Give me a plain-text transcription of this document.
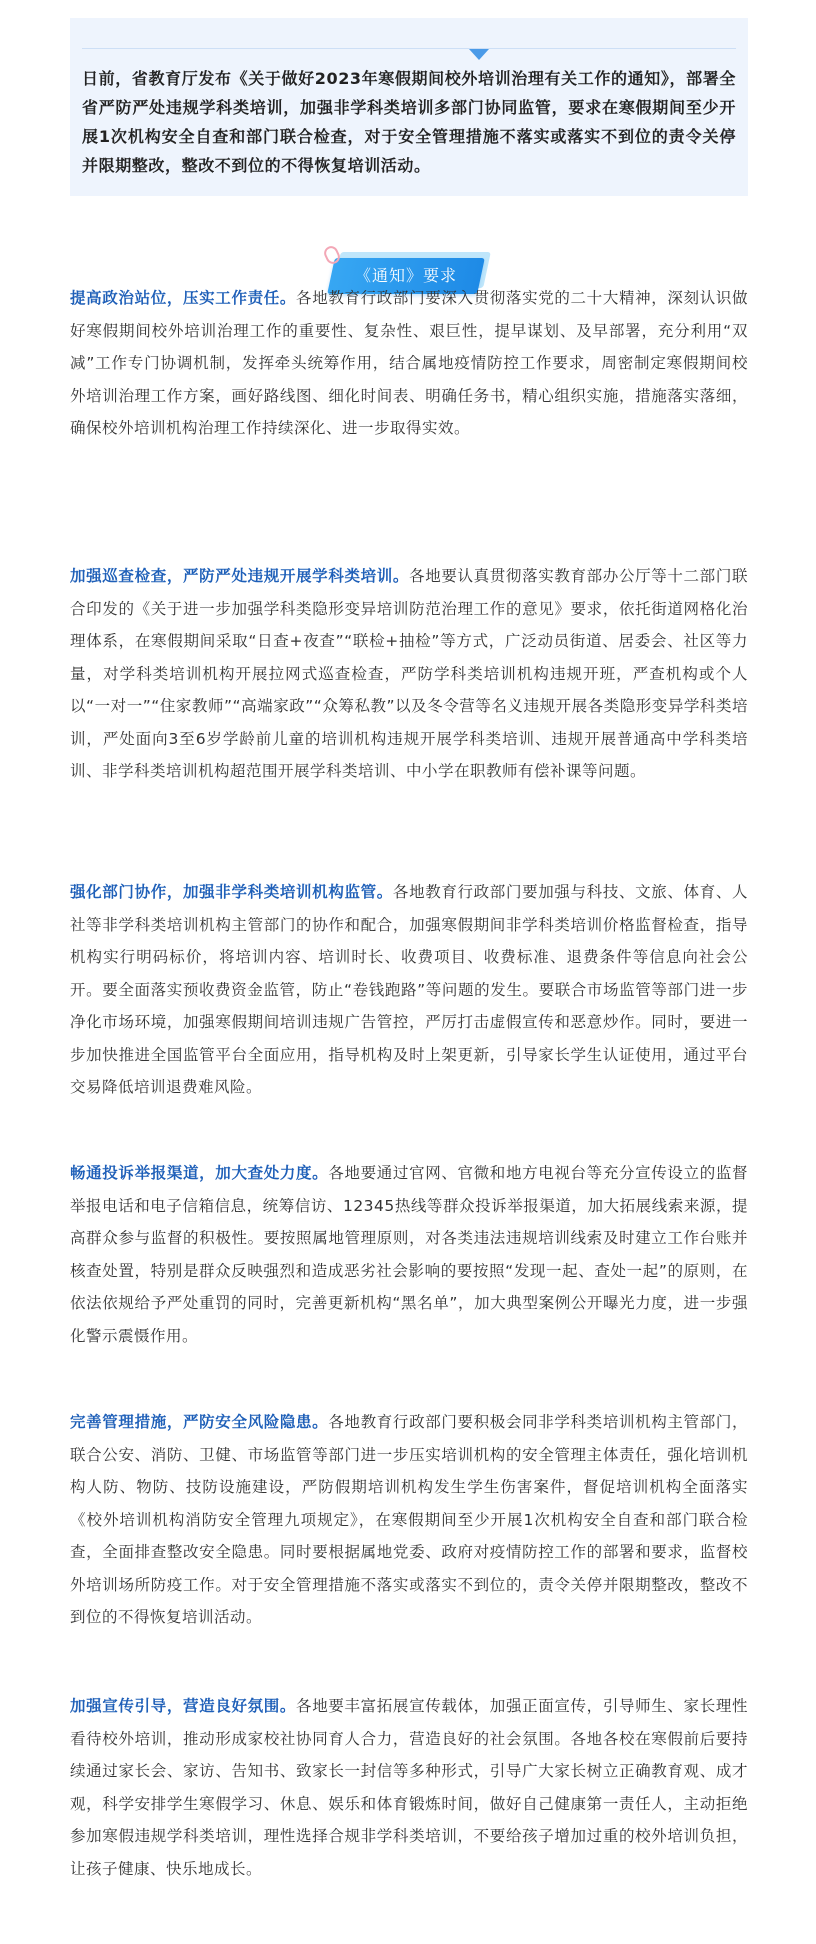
日前，省教育厅发布《关于做好2023年寒假期间校外培训治理有关工作的通知》，部署全省严防严处违规学科类培训，加强非学科类培训多部门协同监管，要求在寒假期间至少开展1次机构安全自查和部门联合检查，对于安全管理措施不落实或落实不到位的责令关停并限期整改，整改不到位的不得恢复培训活动。

《通知》要求

提高政治站位，压实工作责任。各地教育行政部门要深入贯彻落实党的二十大精神，深刻认识做好寒假期间校外培训治理工作的重要性、复杂性、艰巨性，提早谋划、及早部署，充分利用“双减”工作专门协调机制，发挥牵头统筹作用，结合属地疫情防控工作要求，周密制定寒假期间校外培训治理工作方案，画好路线图、细化时间表、明确任务书，精心组织实施，措施落实落细，确保校外培训机构治理工作持续深化、进一步取得实效。

加强巡查检查，严防严处违规开展学科类培训。各地要认真贯彻落实教育部办公厅等十二部门联合印发的《关于进一步加强学科类隐形变异培训防范治理工作的意见》要求，依托街道网格化治理体系，在寒假期间采取“日查+夜查”“联检+抽检”等方式，广泛动员街道、居委会、社区等力量，对学科类培训机构开展拉网式巡查检查，严防学科类培训机构违规开班，严查机构或个人以“一对一”“住家教师”“高端家政”“众筹私教”以及冬令营等名义违规开展各类隐形变异学科类培训，严处面向3至6岁学龄前儿童的培训机构违规开展学科类培训、违规开展普通高中学科类培训、非学科类培训机构超范围开展学科类培训、中小学在职教师有偿补课等问题。

强化部门协作，加强非学科类培训机构监管。各地教育行政部门要加强与科技、文旅、体育、人社等非学科类培训机构主管部门的协作和配合，加强寒假期间非学科类培训价格监督检查，指导机构实行明码标价，将培训内容、培训时长、收费项目、收费标准、退费条件等信息向社会公开。要全面落实预收费资金监管，防止“卷钱跑路”等问题的发生。要联合市场监管等部门进一步净化市场环境，加强寒假期间培训违规广告管控，严厉打击虚假宣传和恶意炒作。同时，要进一步加快推进全国监管平台全面应用，指导机构及时上架更新，引导家长学生认证使用，通过平台交易降低培训退费难风险。

畅通投诉举报渠道，加大查处力度。各地要通过官网、官微和地方电视台等充分宣传设立的监督举报电话和电子信箱信息，统筹信访、12345热线等群众投诉举报渠道，加大拓展线索来源，提高群众参与监督的积极性。要按照属地管理原则，对各类违法违规培训线索及时建立工作台账并核查处置，特别是群众反映强烈和造成恶劣社会影响的要按照“发现一起、查处一起”的原则，在依法依规给予严处重罚的同时，完善更新机构“黑名单”，加大典型案例公开曝光力度，进一步强化警示震慑作用。

完善管理措施，严防安全风险隐患。各地教育行政部门要积极会同非学科类培训机构主管部门，联合公安、消防、卫健、市场监管等部门进一步压实培训机构的安全管理主体责任，强化培训机构人防、物防、技防设施建设，严防假期培训机构发生学生伤害案件，督促培训机构全面落实《校外培训机构消防安全管理九项规定》，在寒假期间至少开展1次机构安全自查和部门联合检查，全面排查整改安全隐患。同时要根据属地党委、政府对疫情防控工作的部署和要求，监督校外培训场所防疫工作。对于安全管理措施不落实或落实不到位的，责令关停并限期整改，整改不到位的不得恢复培训活动。

加强宣传引导，营造良好氛围。各地要丰富拓展宣传载体，加强正面宣传，引导师生、家长理性看待校外培训，推动形成家校社协同育人合力，营造良好的社会氛围。各地各校在寒假前后要持续通过家长会、家访、告知书、致家长一封信等多种形式，引导广大家长树立正确教育观、成才观，科学安排学生寒假学习、休息、娱乐和体育锻炼时间，做好自己健康第一责任人，主动拒绝参加寒假违规学科类培训，理性选择合规非学科类培训，不要给孩子增加过重的校外培训负担，让孩子健康、快乐地成长。
